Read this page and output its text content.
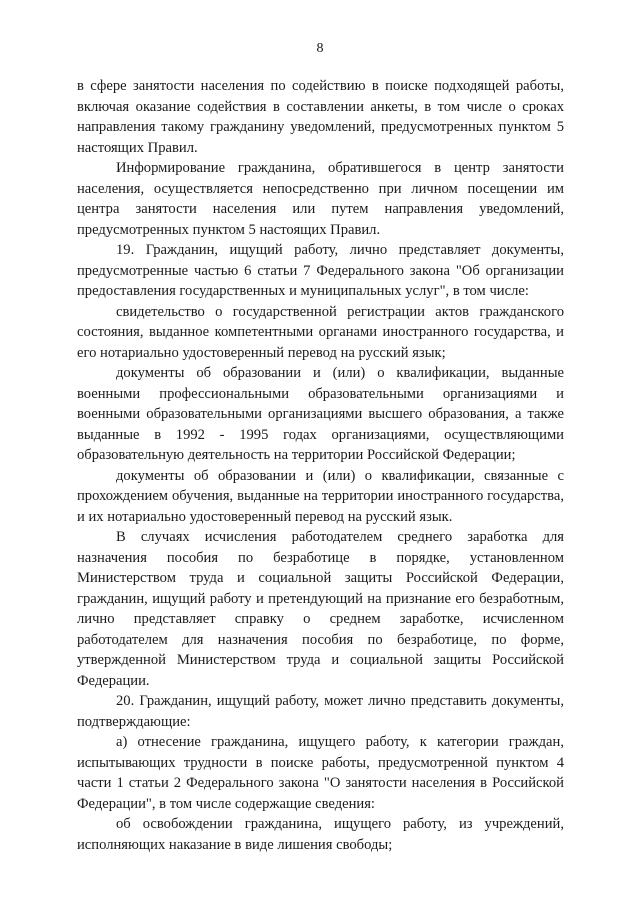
8

в сфере занятости населения по содействию в поиске подходящей работы, включая оказание содействия в составлении анкеты, в том числе о сроках направления такому гражданину уведомлений, предусмотренных пунктом 5 настоящих Правил.

Информирование гражданина, обратившегося в центр занятости населения, осуществляется непосредственно при личном посещении им центра занятости населения или путем направления уведомлений, предусмотренных пунктом 5 настоящих Правил.

19. Гражданин, ищущий работу, лично представляет документы, предусмотренные частью 6 статьи 7 Федерального закона "Об организации предоставления государственных и муниципальных услуг", в том числе:

свидетельство о государственной регистрации актов гражданского состояния, выданное компетентными органами иностранного государства, и его нотариально удостоверенный перевод на русский язык;

документы об образовании и (или) о квалификации, выданные военными профессиональными образовательными организациями и военными образовательными организациями высшего образования, а также выданные в 1992 - 1995 годах организациями, осуществляющими образовательную деятельность на территории Российской Федерации;

документы об образовании и (или) о квалификации, связанные с прохождением обучения, выданные на территории иностранного государства, и их нотариально удостоверенный перевод на русский язык.

В случаях исчисления работодателем среднего заработка для назначения пособия по безработице в порядке, установленном Министерством труда и социальной защиты Российской Федерации, гражданин, ищущий работу и претендующий на признание его безработным, лично представляет справку о среднем заработке, исчисленном работодателем для назначения пособия по безработице, по форме, утвержденной Министерством труда и социальной защиты Российской Федерации.

20. Гражданин, ищущий работу, может лично представить документы, подтверждающие:

а) отнесение гражданина, ищущего работу, к категории граждан, испытывающих трудности в поиске работы, предусмотренной пунктом 4 части 1 статьи 2 Федерального закона "О занятости населения в Российской Федерации", в том числе содержащие сведения:

об освобождении гражданина, ищущего работу, из учреждений, исполняющих наказание в виде лишения свободы;
